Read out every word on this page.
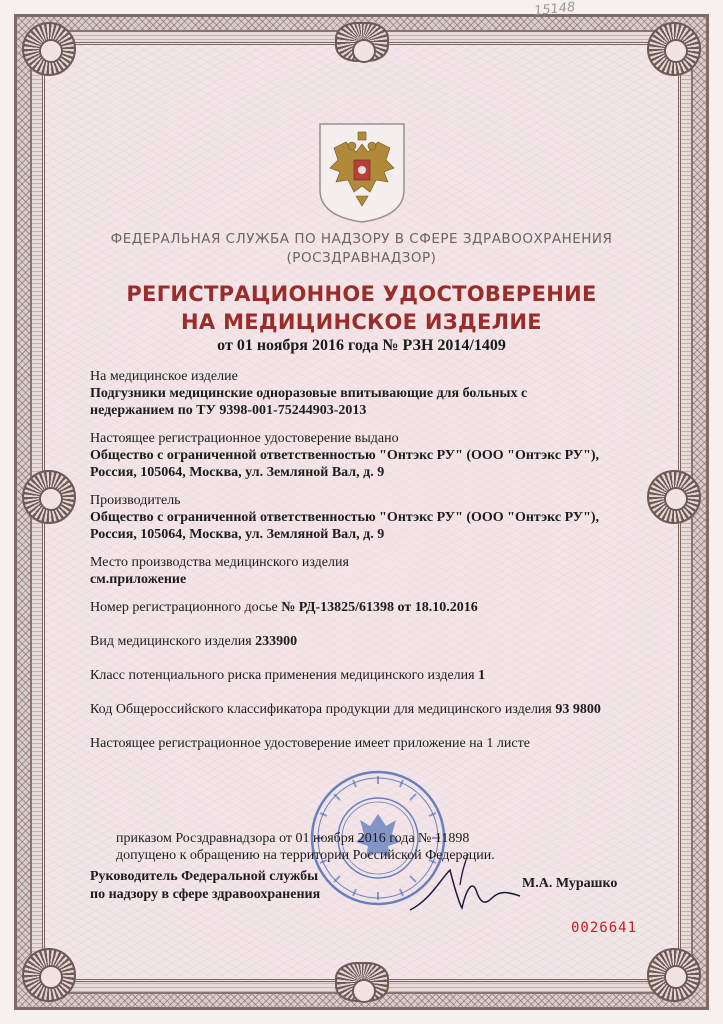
15148
ФЕДЕРАЛЬНАЯ СЛУЖБА ПО НАДЗОРУ В СФЕРЕ ЗДРАВООХРАНЕНИЯ
(РОСЗДРАВНАДЗОР)
РЕГИСТРАЦИОННОЕ УДОСТОВЕРЕНИЕ
НА МЕДИЦИНСКОЕ ИЗДЕЛИЕ
от 01 ноября 2016 года № РЗН 2014/1409
На медицинское изделие
Подгузники медицинские одноразовые впитывающие для больных с
недержанием по ТУ 9398-001-75244903-2013
Настоящее регистрационное удостоверение выдано
Общество с ограниченной ответственностью "Онтэкс РУ" (ООО "Онтэкс РУ"),
Россия, 105064, Москва, ул. Земляной Вал, д. 9
Производитель
Общество с ограниченной ответственностью "Онтэкс РУ" (ООО "Онтэкс РУ"),
Россия, 105064, Москва, ул. Земляной Вал, д. 9
Место производства медицинского изделия
см.приложение
Номер регистрационного досье № РД-13825/61398 от 18.10.2016
Вид медицинского изделия 233900
Класс потенциального риска применения медицинского изделия 1
Код Общероссийского классификатора продукции для медицинского изделия 93 9800
Настоящее регистрационное удостоверение имеет приложение на 1 листе
приказом Росздравнадзора от 01 ноября 2016 года № 11898
допущено к обращению на территории Российской Федерации.
Руководитель Федеральной службы
по надзору в сфере здравоохранения
М.А. Мурашко
0026641
